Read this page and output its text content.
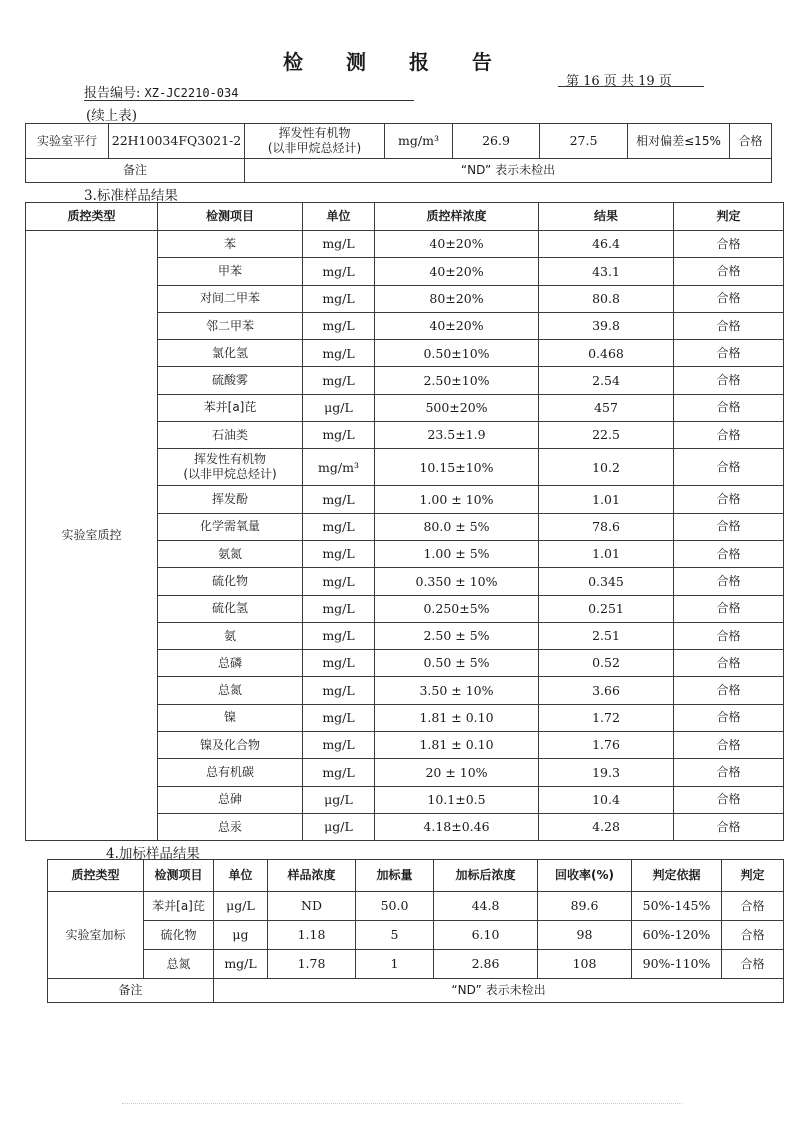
检 测 报 告
第 16 页 共 19 页
报告编号: XZ-JC2210-034
(续上表)
实验室平行	22H10034FQ3021-2	挥发性有机物
(以非甲烷总烃计)	mg/m³	26.9	27.5	相对偏差≤15%	合格
备注		“ND” 表示未检出					
3.标准样品结果
质控类型	检测项目	单位	质控样浓度	结果	判定
实验室质控	苯	mg/L	40±20%	46.4	合格

	甲苯	mg/L	40±20%	43.1	合格

	对间二甲苯	mg/L	80±20%	80.8	合格

	邻二甲苯	mg/L	40±20%	39.8	合格

	氯化氢	mg/L	0.50±10%	0.468	合格

	硫酸雾	mg/L	2.50±10%	2.54	合格

	苯并[a]芘	μg/L	500±20%	457	合格

	石油类	mg/L	23.5±1.9	22.5	合格

	挥发性有机物
(以非甲烷总烃计)	mg/m³	10.15±10%	10.2	合格

	挥发酚	mg/L	1.00 ± 10%	1.01	合格

	化学需氧量	mg/L	80.0 ± 5%	78.6	合格

	氨氮	mg/L	1.00 ± 5%	1.01	合格

	硫化物	mg/L	0.350 ± 10%	0.345	合格

	硫化氢	mg/L	0.250±5%	0.251	合格

	氨	mg/L	2.50 ± 5%	2.51	合格

	总磷	mg/L	0.50 ± 5%	0.52	合格

	总氮	mg/L	3.50 ± 10%	3.66	合格

	镍	mg/L	1.81 ± 0.10	1.72	合格

	镍及化合物	mg/L	1.81 ± 0.10	1.76	合格

	总有机碳	mg/L	20 ± 10%	19.3	合格

	总砷	μg/L	10.1±0.5	10.4	合格

	总汞	μg/L	4.18±0.46	4.28	合格
4.加标样品结果
质控类型	检测项目	单位	样品浓度	加标量	加标后浓度	回收率(%)	判定依据	判定
实验室加标	苯并[a]芘	μg/L	ND	50.0	44.8	89.6	50%-145%	合格
	硫化物	μg	1.18	5	6.10	98	60%-120%	合格
	总氮	mg/L	1.78	1	2.86	108	90%-110%	合格
备注		“ND” 表示未检出						
